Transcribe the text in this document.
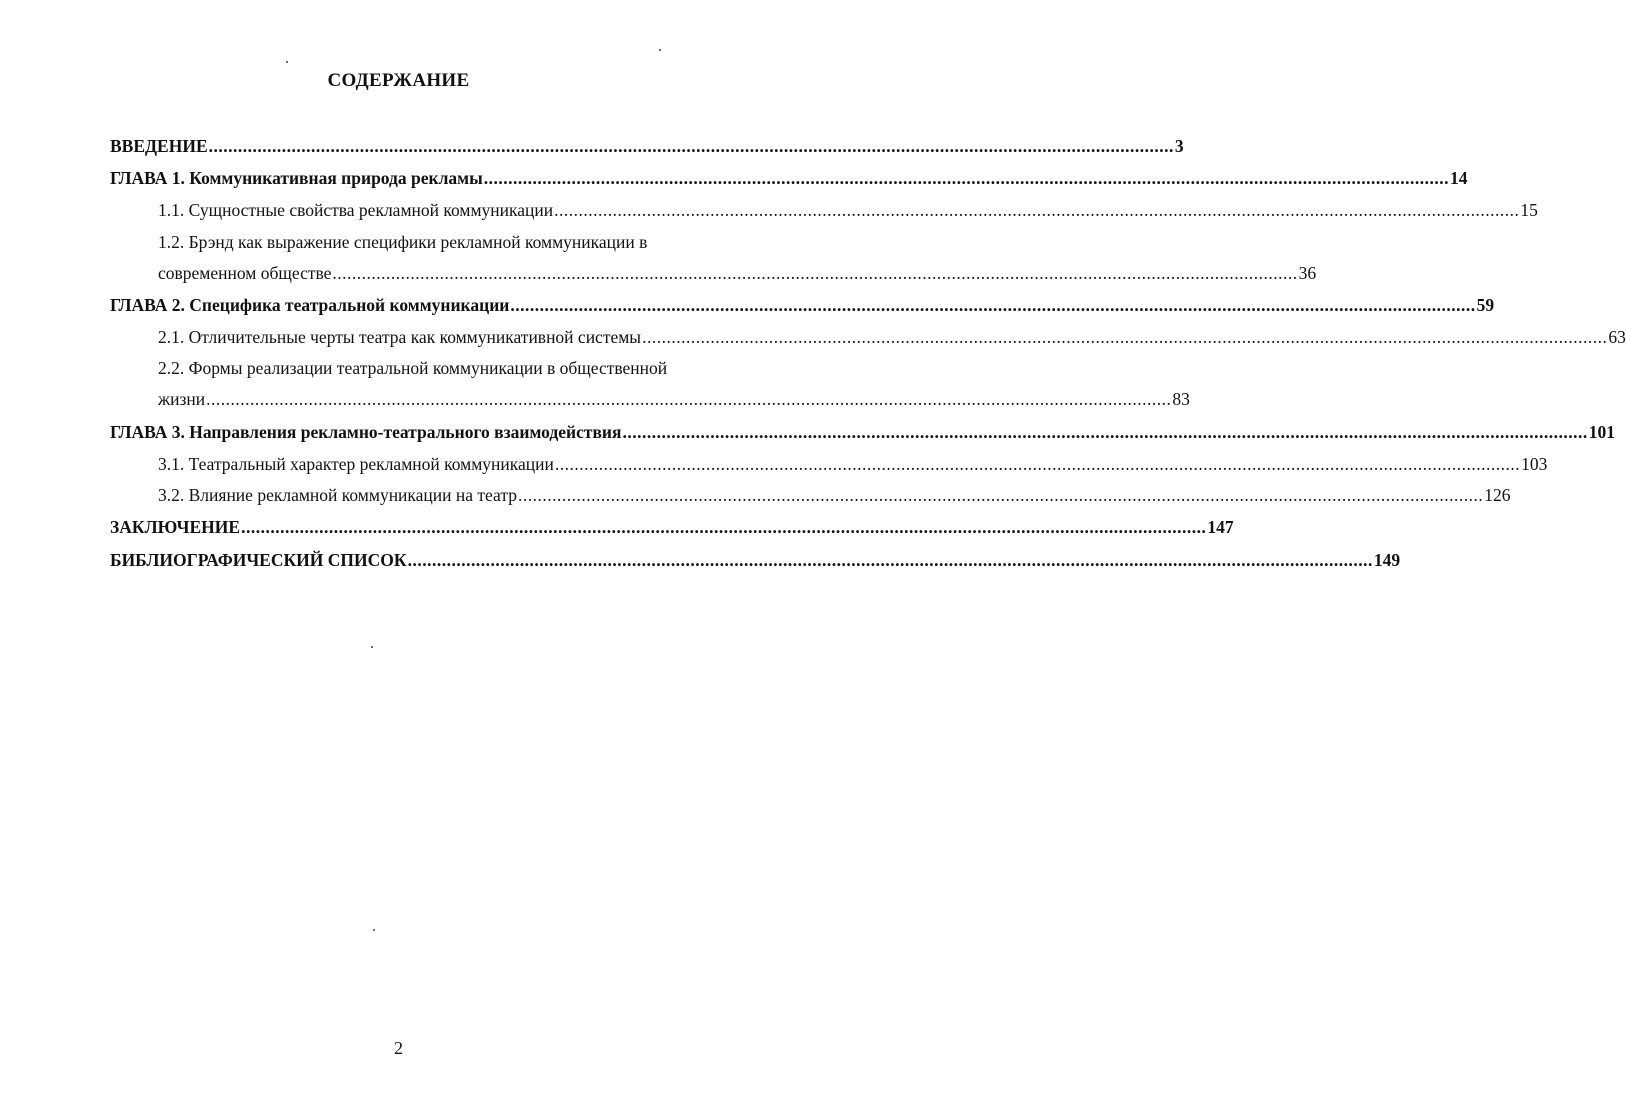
СОДЕРЖАНИЕ
ВВЕДЕНИЕ ...................................................................................................................................................................................................... 3
ГЛАВА 1. Коммуникативная природа рекламы ...................................................................................................................................................................................................... 14
1.1. Сущностные свойства рекламной коммуникации ...................................................................................................................................................................................................... 15
1.2. Брэнд как выражение специфики рекламной коммуникации в
современном обществе ...................................................................................................................................................................................................... 36
ГЛАВА 2. Специфика театральной коммуникации ...................................................................................................................................................................................................... 59
2.1. Отличительные черты театра как коммуникативной системы ...................................................................................................................................................................................................... 63
2.2. Формы реализации театральной коммуникации в общественной
жизни ...................................................................................................................................................................................................... 83
ГЛАВА 3. Направления рекламно-театрального взаимодействия ...................................................................................................................................................................................................... 101
3.1. Театральный характер рекламной коммуникации ...................................................................................................................................................................................................... 103
3.2. Влияние рекламной коммуникации на театр ...................................................................................................................................................................................................... 126
ЗАКЛЮЧЕНИЕ ...................................................................................................................................................................................................... 147
БИБЛИОГРАФИЧЕСКИЙ СПИСОК ...................................................................................................................................................................................................... 149
2
